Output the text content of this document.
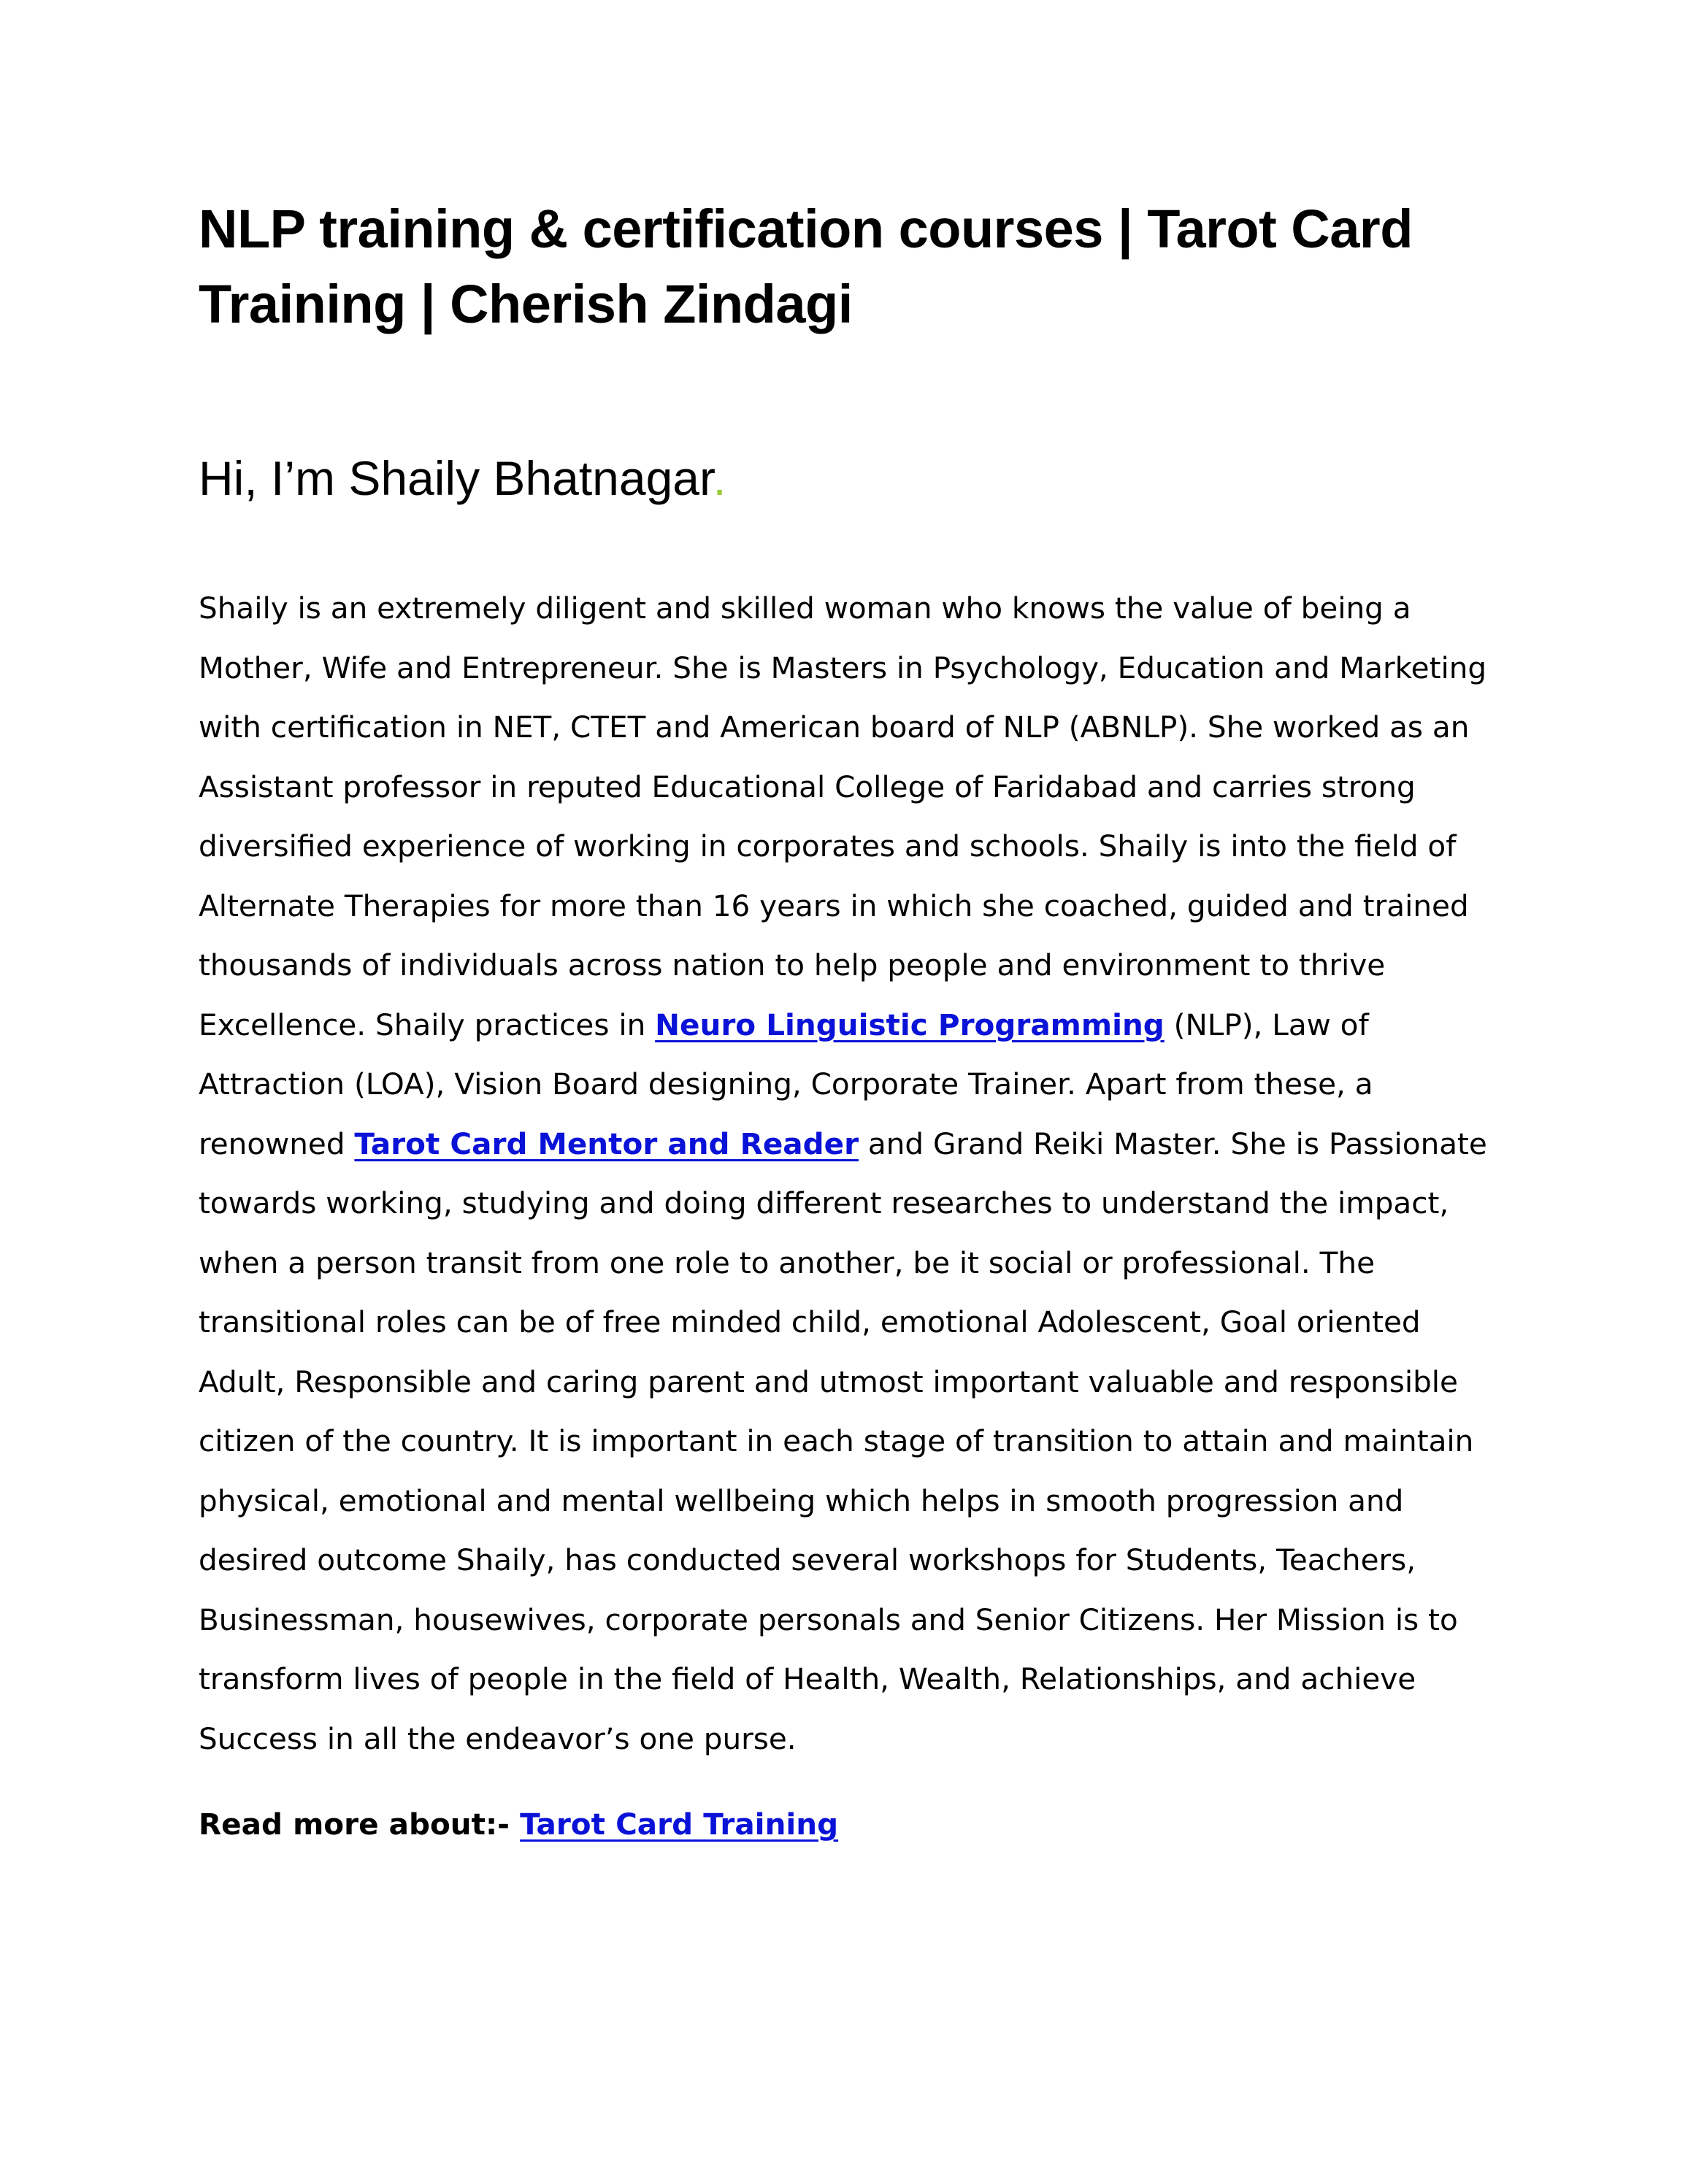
NLP training & certification courses | Tarot Card
Training | Cherish Zindagi
Hi, I’m Shaily Bhatnagar.
Shaily is an extremely diligent and skilled woman who knows the value of being a
Mother, Wife and Entrepreneur. She is Masters in Psychology, Education and Marketing
with certification in NET, CTET and American board of NLP (ABNLP). She worked as an
Assistant professor in reputed Educational College of Faridabad and carries strong
diversified experience of working in corporates and schools. Shaily is into the field of
Alternate Therapies for more than 16 years in which she coached, guided and trained
thousands of individuals across nation to help people and environment to thrive
Excellence. Shaily practices in Neuro Linguistic Programming (NLP), Law of
Attraction (LOA), Vision Board designing, Corporate Trainer. Apart from these, a
renowned Tarot Card Mentor and Reader and Grand Reiki Master. She is Passionate
towards working, studying and doing different researches to understand the impact,
when a person transit from one role to another, be it social or professional. The
transitional roles can be of free minded child, emotional Adolescent, Goal oriented
Adult, Responsible and caring parent and utmost important valuable and responsible
citizen of the country. It is important in each stage of transition to attain and maintain
physical, emotional and mental wellbeing which helps in smooth progression and
desired outcome Shaily, has conducted several workshops for Students, Teachers,
Businessman, housewives, corporate personals and Senior Citizens. Her Mission is to
transform lives of people in the field of Health, Wealth, Relationships, and achieve
Success in all the endeavor’s one purse.
Read more about:- Tarot Card Training
